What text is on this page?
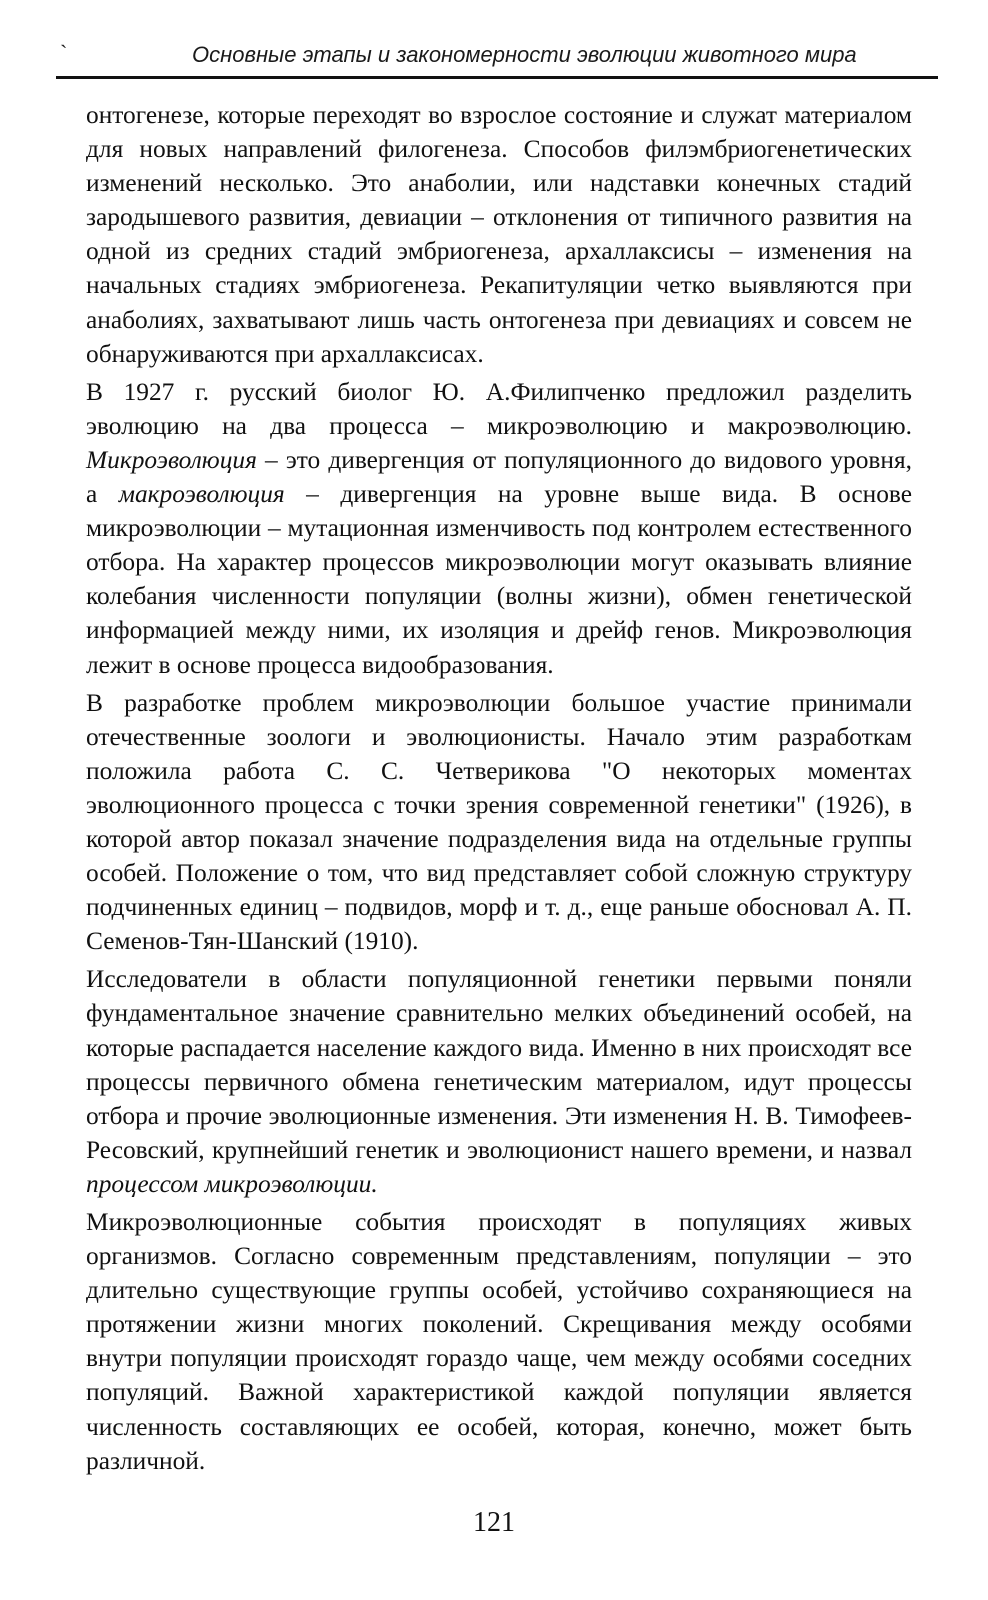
`	Основные этапы и закономерности эволюции животного мира

онтогенезе, которые переходят во взрослое состояние и служат материалом для новых направлений филогенеза. Способов филэмбриогенетических изменений несколько. Это анаболии, или надставки конечных стадий зародышевого развития, девиации – отклонения от типичного развития на одной из средних стадий эмбриогенеза, архаллаксисы – изменения на начальных стадиях эмбриогенеза. Рекапитуляции четко выявляются при анаболиях, захватывают лишь часть онтогенеза при девиациях и совсем не обнаруживаются при архаллаксисах.

В 1927 г. русский биолог Ю. А.Филипченко предложил разделить эволюцию на два процесса – микроэволюцию и макроэволюцию. Микроэволюция – это дивергенция от популяционного до видового уровня, а макроэволюция – дивергенция на уровне выше вида. В основе микроэволюции – мутационная изменчивость под контролем естественного отбора. На характер процессов микроэволюции могут оказывать влияние колебания численности популяции (волны жизни), обмен генетической информацией между ними, их изоляция и дрейф генов. Микроэволюция лежит в основе процесса видообразования.

В разработке проблем микроэволюции большое участие принимали отечественные зоологи и эволюционисты. Начало этим разработкам положила работа С. С. Четверикова "О некоторых моментах эволюционного процесса с точки зрения современной генетики" (1926), в которой автор показал значение подразделения вида на отдельные группы особей. Положение о том, что вид представляет собой сложную структуру подчиненных единиц – подвидов, морф и т. д., еще раньше обосновал А. П. Семенов-Тян-Шанский (1910).

Исследователи в области популяционной генетики первыми поняли фундаментальное значение сравнительно мелких объединений особей, на которые распадается население каждого вида. Именно в них происходят все процессы первичного обмена генетическим материалом, идут процессы отбора и прочие эволюционные изменения. Эти изменения Н. В. Тимофеев-Ресовский, крупнейший генетик и эволюционист нашего времени, и назвал процессом микроэволюции.

Микроэволюционные события происходят в популяциях живых организмов. Согласно современным представлениям, популяции – это длительно существующие группы особей, устойчиво сохраняющиеся на протяжении жизни многих поколений. Скрещивания между особями внутри популяции происходят гораздо чаще, чем между особями соседних популяций. Важной характеристикой каждой популяции является численность составляющих ее особей, которая, конечно, может быть различной.

121
